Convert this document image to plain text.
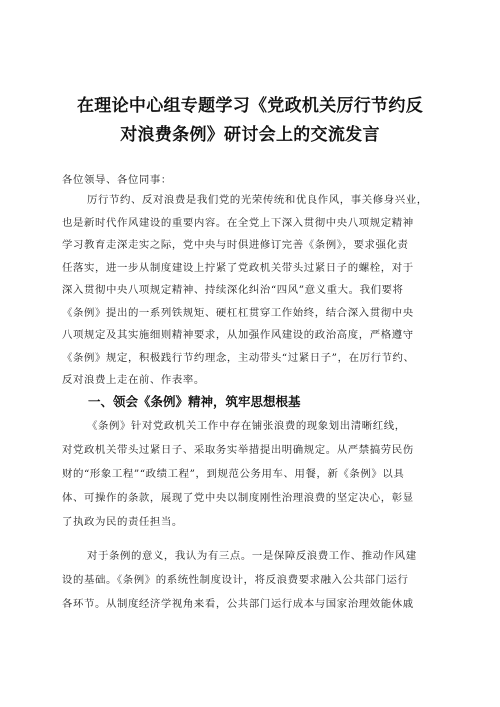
在理论中心组专题学习《党政机关厉行节约反
对浪费条例》研讨会上的交流发言
各位领导、各位同事：
厉行节约、反对浪费是我们党的光荣传统和优良作风，事关修身兴业，
也是新时代作风建设的重要内容。在全党上下深入贯彻中央八项规定精神
学习教育走深走实之际，党中央与时俱进修订完善《条例》，要求强化责
任落实，进一步从制度建设上拧紧了党政机关带头过紧日子的螺栓，对于
深入贯彻中央八项规定精神、持续深化纠治“四风”意义重大。我们要将
《条例》提出的一系列铁规矩、硬杠杠贯穿工作始终，结合深入贯彻中央
八项规定及其实施细则精神要求，从加强作风建设的政治高度，严格遵守
《条例》规定，积极践行节约理念，主动带头“过紧日子”，在厉行节约、
反对浪费上走在前、作表率。
一、领会《条例》精神，筑牢思想根基
《条例》针对党政机关工作中存在铺张浪费的现象划出清晰红线，
对党政机关带头过紧日子、采取务实举措提出明确规定。从严禁搞劳民伤
财的“形象工程”“政绩工程”，到规范公务用车、用餐，新《条例》以具
体、可操作的条款，展现了党中央以制度刚性治理浪费的坚定决心，彰显
了执政为民的责任担当。
对于条例的意义，我认为有三点。一是保障反浪费工作、推动作风建
设的基础。《条例》的系统性制度设计，将反浪费要求融入公共部门运行
各环节。从制度经济学视角来看，公共部门运行成本与国家治理效能休戚
